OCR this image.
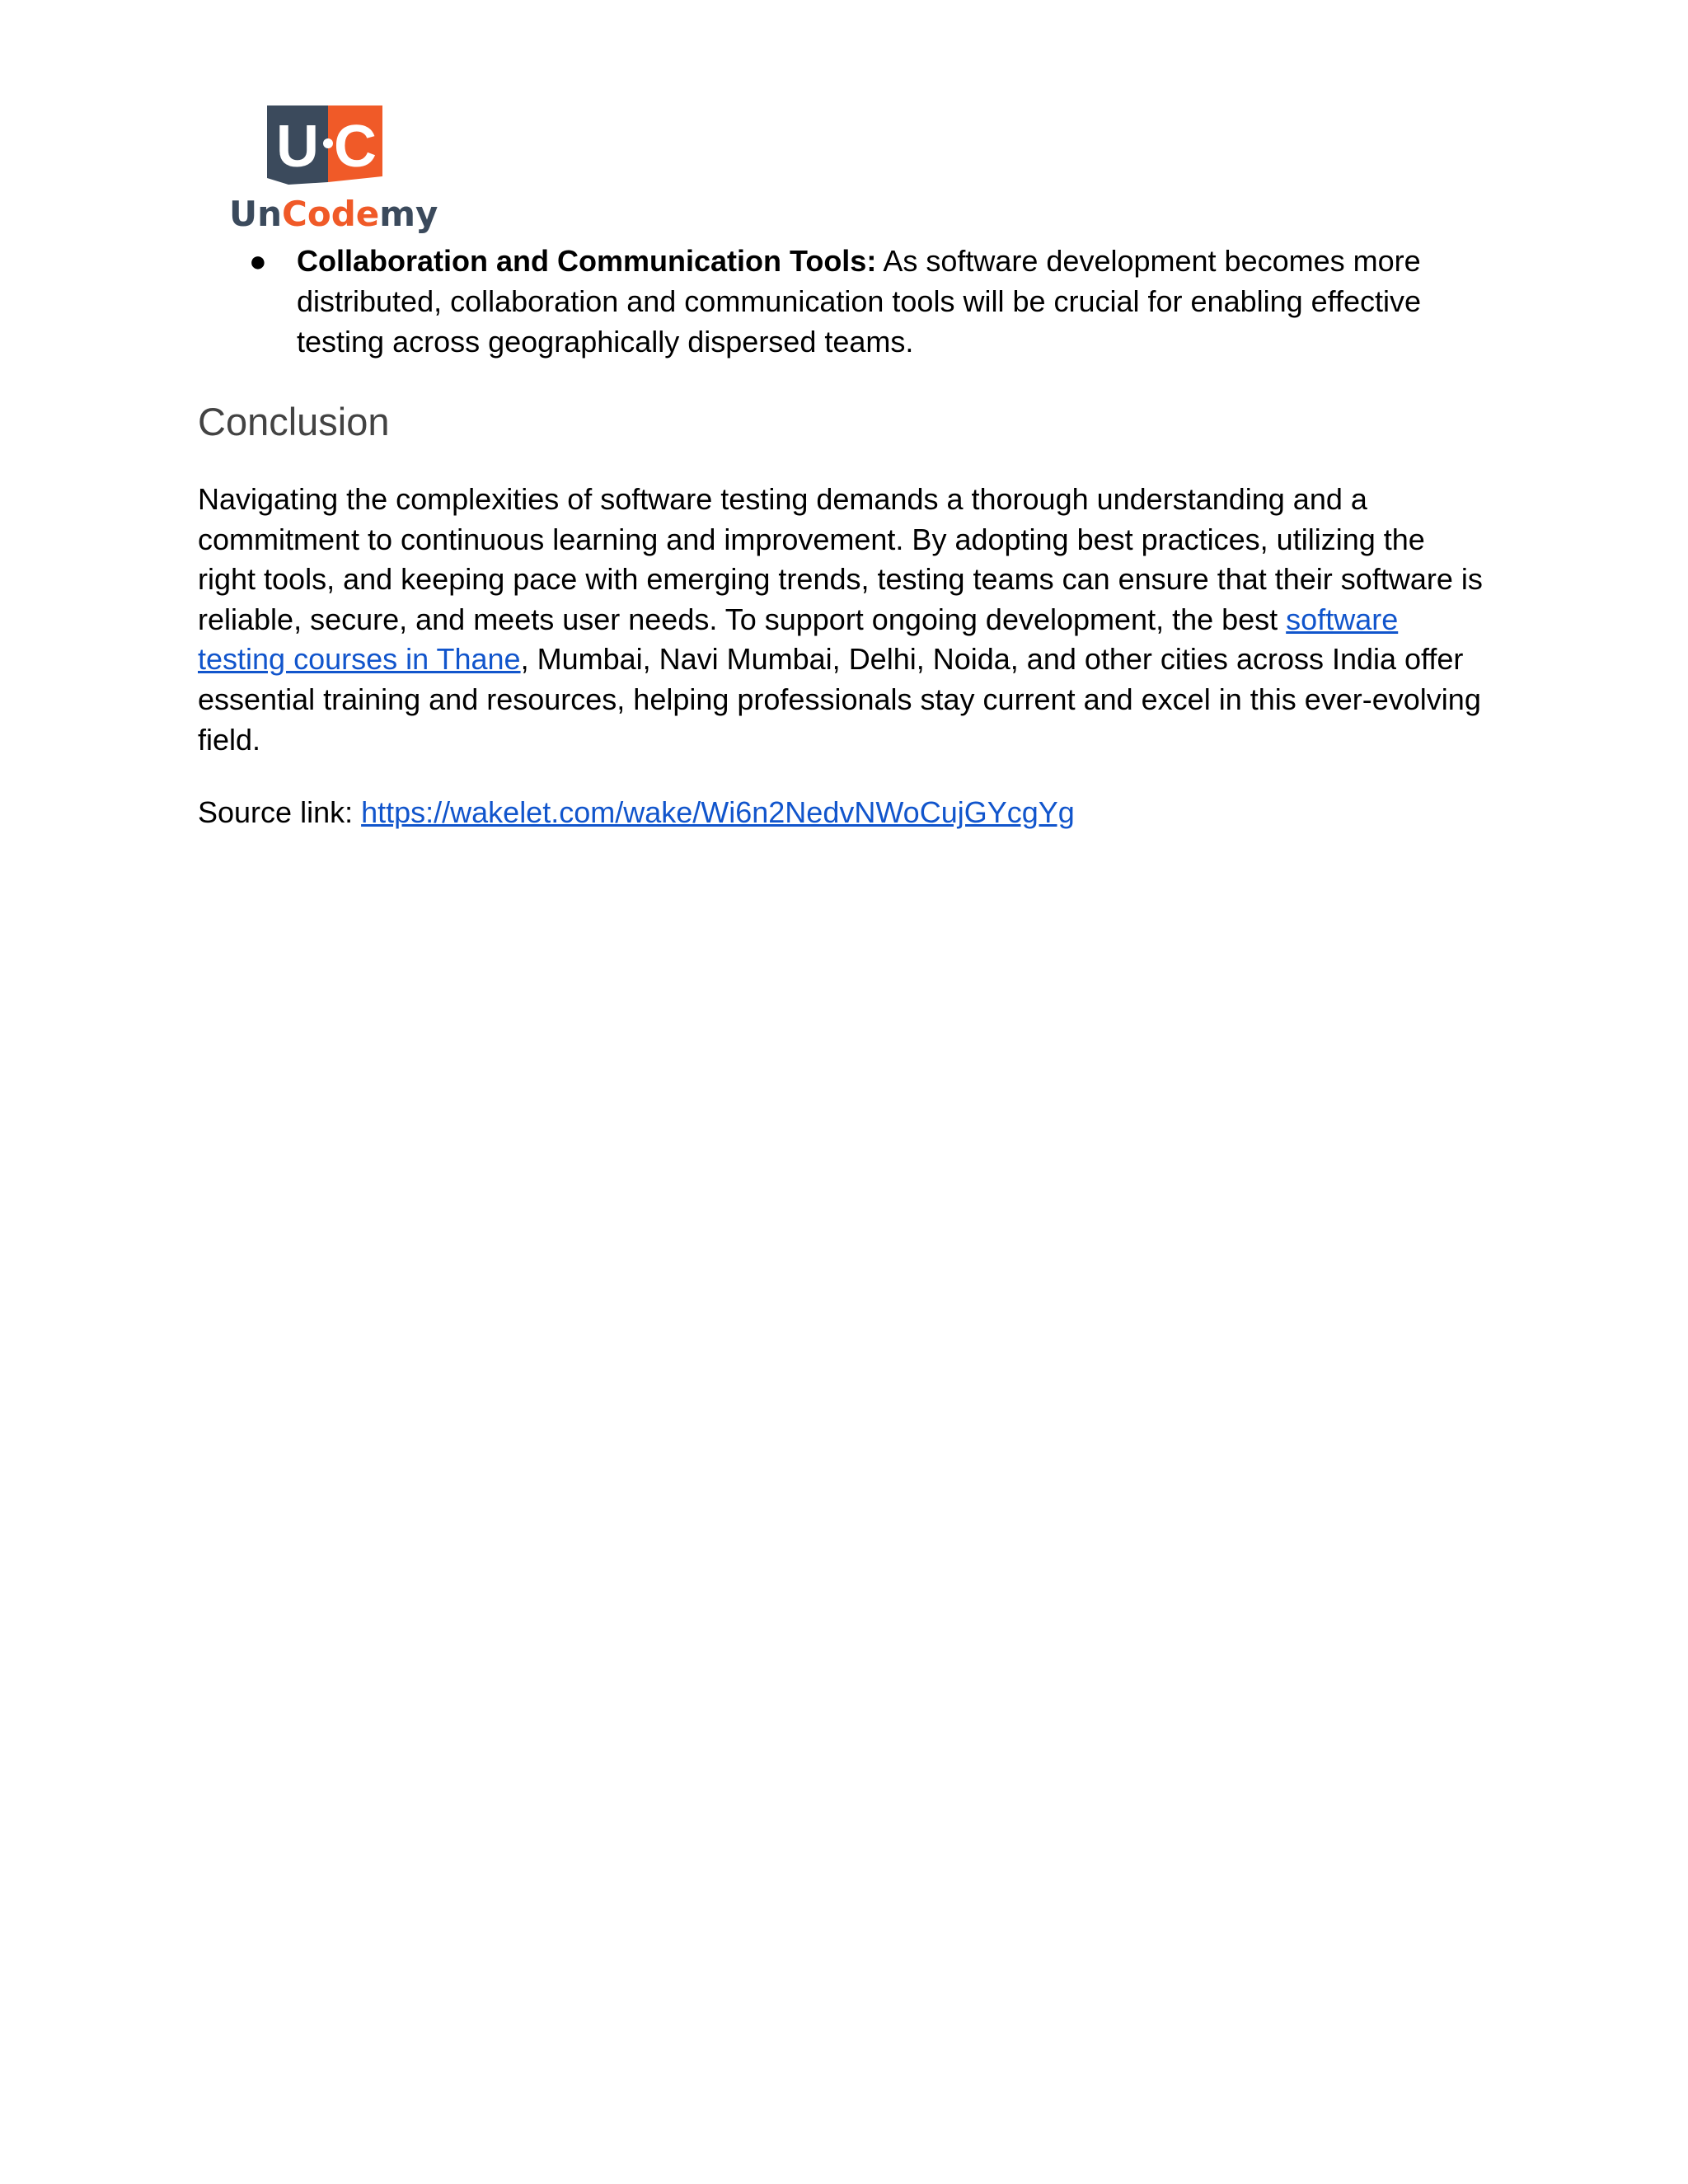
U C
UnCodemy
● Collaboration and Communication Tools: As software development becomes more distributed, collaboration and communication tools will be crucial for enabling effective testing across geographically dispersed teams.
Conclusion

Navigating the complexities of software testing demands a thorough understanding and a commitment to continuous learning and improvement. By adopting best practices, utilizing the right tools, and keeping pace with emerging trends, testing teams can ensure that their software is reliable, secure, and meets user needs. To support ongoing development, the best software testing courses in Thane, Mumbai, Navi Mumbai, Delhi, Noida, and other cities across India offer essential training and resources, helping professionals stay current and excel in this ever-evolving field.

Source link: https://wakelet.com/wake/Wi6n2NedvNWoCujGYcgYg
